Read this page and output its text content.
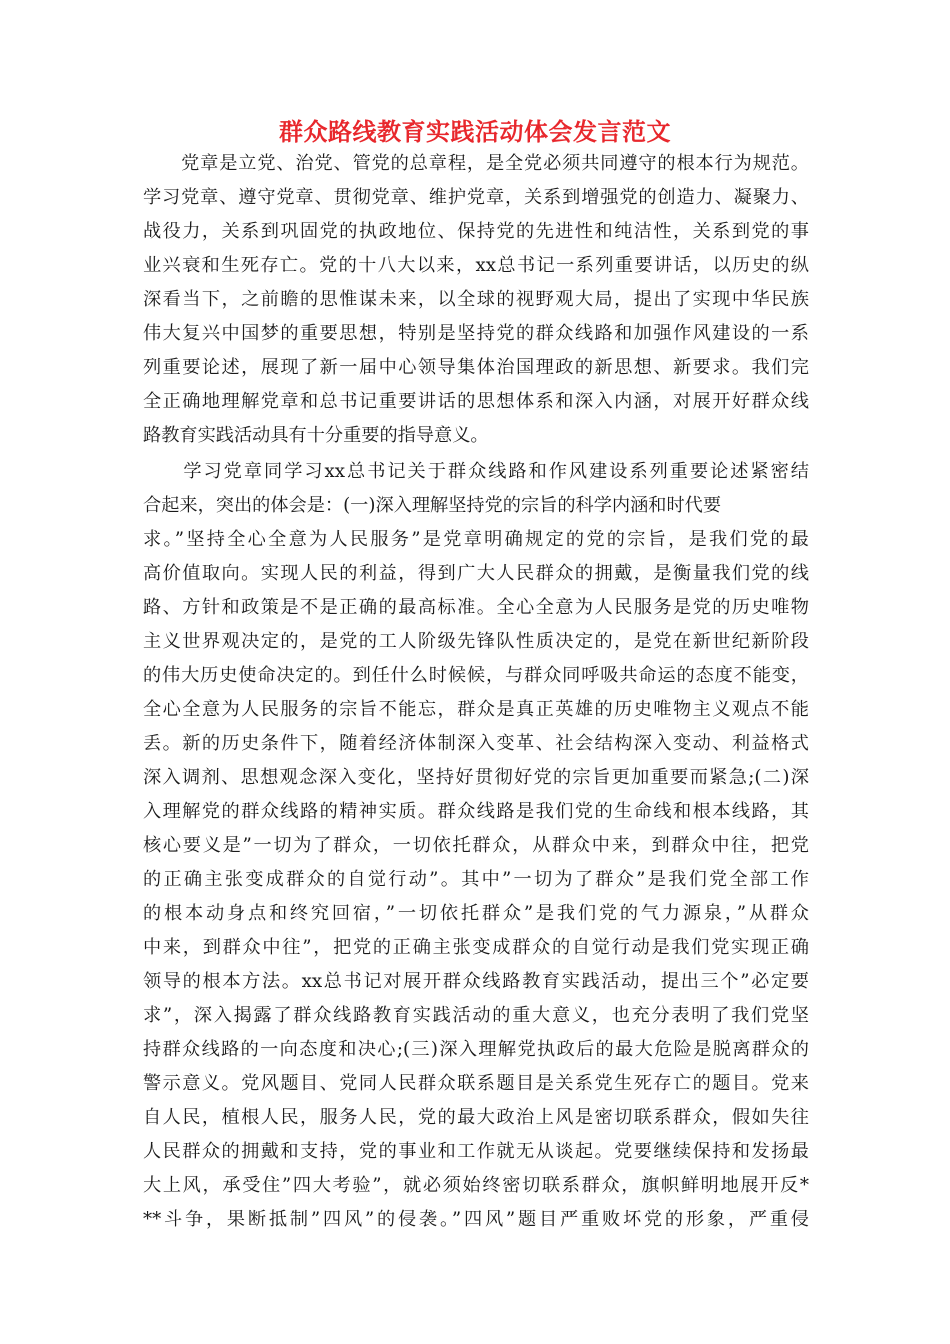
群众路线教育实践活动体会发言范文
　　党章是立党、治党、管党的总章程，是全党必须共同遵守的根本行为规范。
学习党章、遵守党章、贯彻党章、维护党章，关系到增强党的创造力、凝聚力、
战役力，关系到巩固党的执政地位、保持党的先进性和纯洁性，关系到党的事
业兴衰和生死存亡。党的十八大以来，xx总书记一系列重要讲话，以历史的纵
深看当下，之前瞻的思惟谋未来，以全球的视野观大局，提出了实现中华民族
伟大复兴中国梦的重要思想，特别是坚持党的群众线路和加强作风建设的一系
列重要论述，展现了新一届中心领导集体治国理政的新思想、新要求。我们完
全正确地理解党章和总书记重要讲话的思想体系和深入内涵，对展开好群众线
路教育实践活动具有十分重要的指导意义。
　　学习党章同学习xx总书记关于群众线路和作风建设系列重要论述紧密结
合起来，突出的体会是：(一)深入理解坚持党的宗旨的科学内涵和时代要
求。”坚持全心全意为人民服务”是党章明确规定的党的宗旨，是我们党的最
高价值取向。实现人民的利益，得到广大人民群众的拥戴，是衡量我们党的线
路、方针和政策是不是正确的最高标准。全心全意为人民服务是党的历史唯物
主义世界观决定的，是党的工人阶级先锋队性质决定的，是党在新世纪新阶段
的伟大历史使命决定的。到任什么时候候，与群众同呼吸共命运的态度不能变，
全心全意为人民服务的宗旨不能忘，群众是真正英雄的历史唯物主义观点不能
丢。新的历史条件下，随着经济体制深入变革、社会结构深入变动、利益格式
深入调剂、思想观念深入变化，坚持好贯彻好党的宗旨更加重要而紧急;(二)深
入理解党的群众线路的精神实质。群众线路是我们党的生命线和根本线路，其
核心要义是”一切为了群众，一切依托群众，从群众中来，到群众中往，把党
的正确主张变成群众的自觉行动”。其中”一切为了群众”是我们党全部工作
的根本动身点和终究回宿，”一切依托群众”是我们党的气力源泉，”从群众
中来，到群众中往”，把党的正确主张变成群众的自觉行动是我们党实现正确
领导的根本方法。xx总书记对展开群众线路教育实践活动，提出三个”必定要
求”，深入揭露了群众线路教育实践活动的重大意义，也充分表明了我们党坚
持群众线路的一向态度和决心;(三)深入理解党执政后的最大危险是脱离群众的
警示意义。党风题目、党同人民群众联系题目是关系党生死存亡的题目。党来
自人民，植根人民，服务人民，党的最大政治上风是密切联系群众，假如失往
人民群众的拥戴和支持，党的事业和工作就无从谈起。党要继续保持和发扬最
大上风，承受住”四大考验”，就必须始终密切联系群众，旗帜鲜明地展开反*
**斗争，果断抵制”四风”的侵袭。”四风”题目严重败坏党的形象，严重侵
